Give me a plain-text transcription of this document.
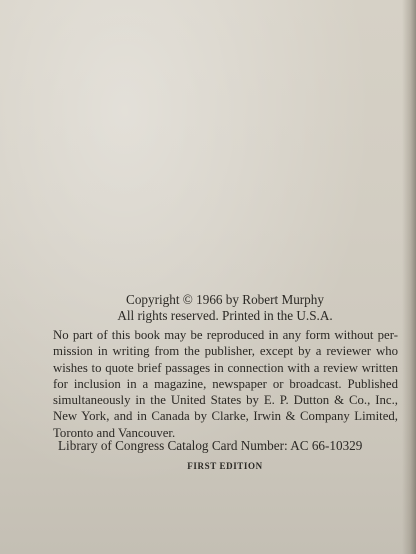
Copyright © 1966 by Robert Murphy
All rights reserved. Printed in the U.S.A.
No part of this book may be reproduced in any form without per-
mission in writing from the publisher, except by a reviewer who
wishes to quote brief passages in connection with a review written
for inclusion in a magazine, newspaper or broadcast. Published
simultaneously in the United States by E. P. Dutton & Co., Inc.,
New York, and in Canada by Clarke, Irwin & Company Limited,
Toronto and Vancouver.
Library of Congress Catalog Card Number: AC 66-10329
FIRST EDITION
